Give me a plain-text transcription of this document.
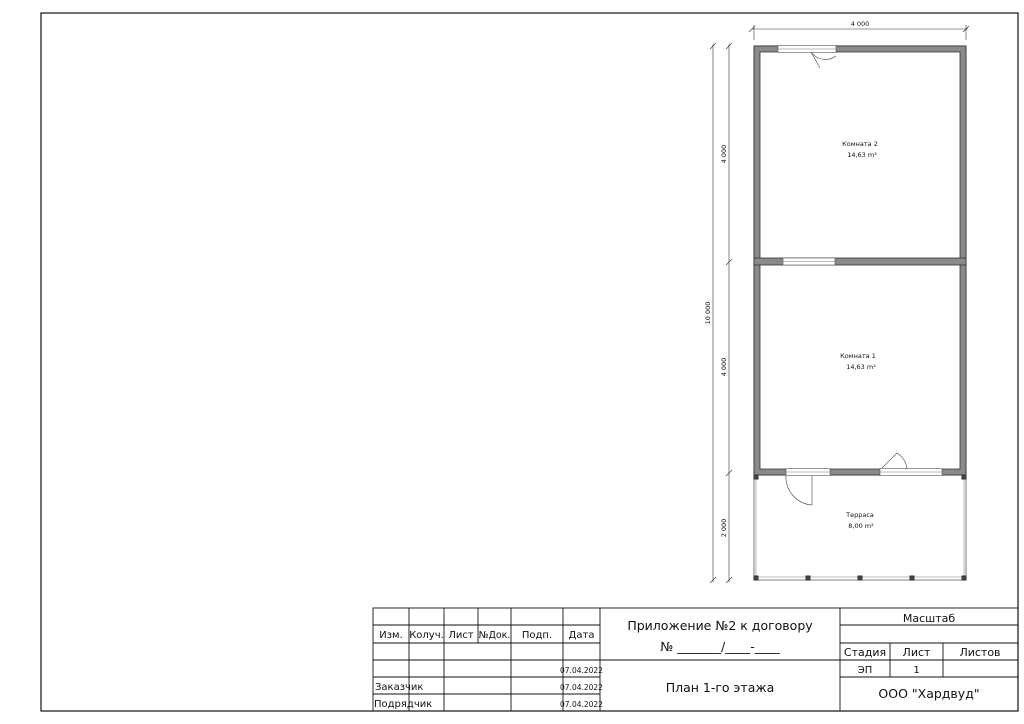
4 000
10 000
4 000
4 000
2 000
Комната 2
14,63 m²
Комната 1
14,63 m²
Терраса
8,00 m²
Изм. Колуч. Лист №Док. Подп. Дата
07.04.2022
Заказчик	07.04.2022
Подрядчик	07.04.2022
Приложение №2 к договору
№ _______/____-____
План 1-го этажа
Масштаб
Стадия Лист	Листов
ЭП	1
ООО "Хардвуд"
